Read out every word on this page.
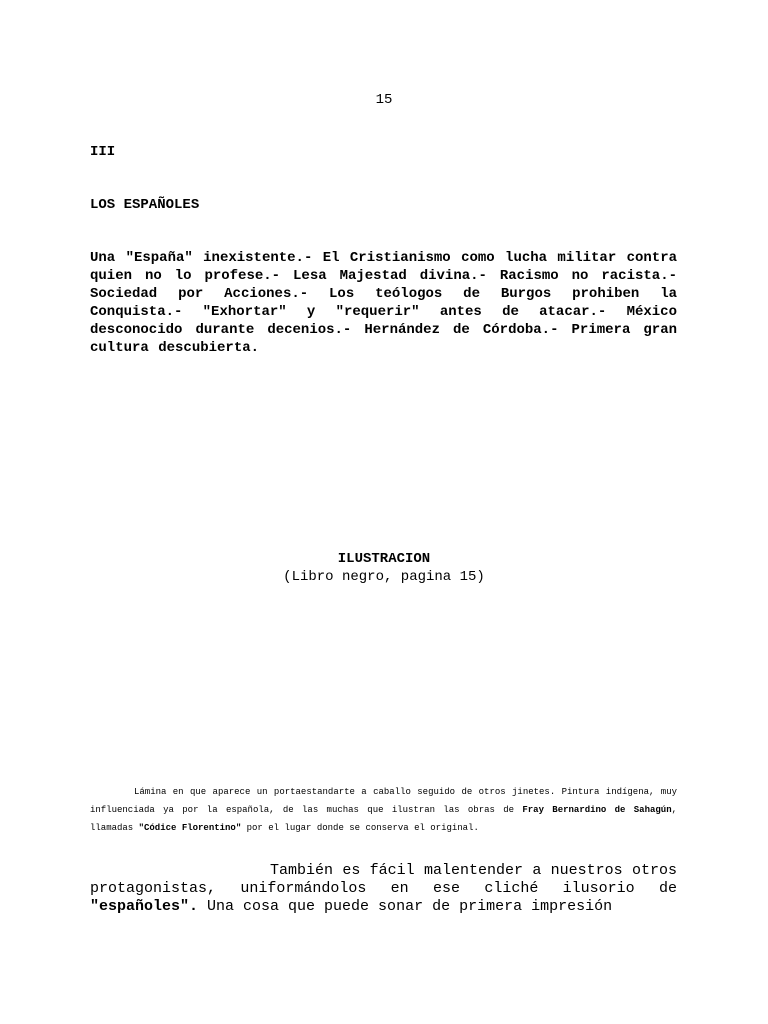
15
III
LOS ESPAÑOLES

Una "España" inexistente.- El Cristianismo como lucha militar contra quien no lo profese.- Lesa Majestad divina.- Racismo no racista.- Sociedad por Acciones.- Los teólogos de Burgos prohiben la Conquista.- "Exhortar" y "requerir" antes de atacar.- México desconocido durante decenios.- Hernández de Córdoba.- Primera gran cultura descubierta.

ILUSTRACION
(Libro negro, pagina 15)

Lámina en que aparece un portaestandarte a caballo seguido de otros jinetes. Pintura indígena, muy influenciada ya por la española, de las muchas que ilustran las obras de Fray Bernardino de Sahagún, llamadas "Códice Florentino" por el lugar donde se conserva el original.

También es fácil malentender a nuestros otros protagonistas, uniformándolos en ese cliché ilusorio de "españoles". Una cosa que puede sonar de primera impresión
